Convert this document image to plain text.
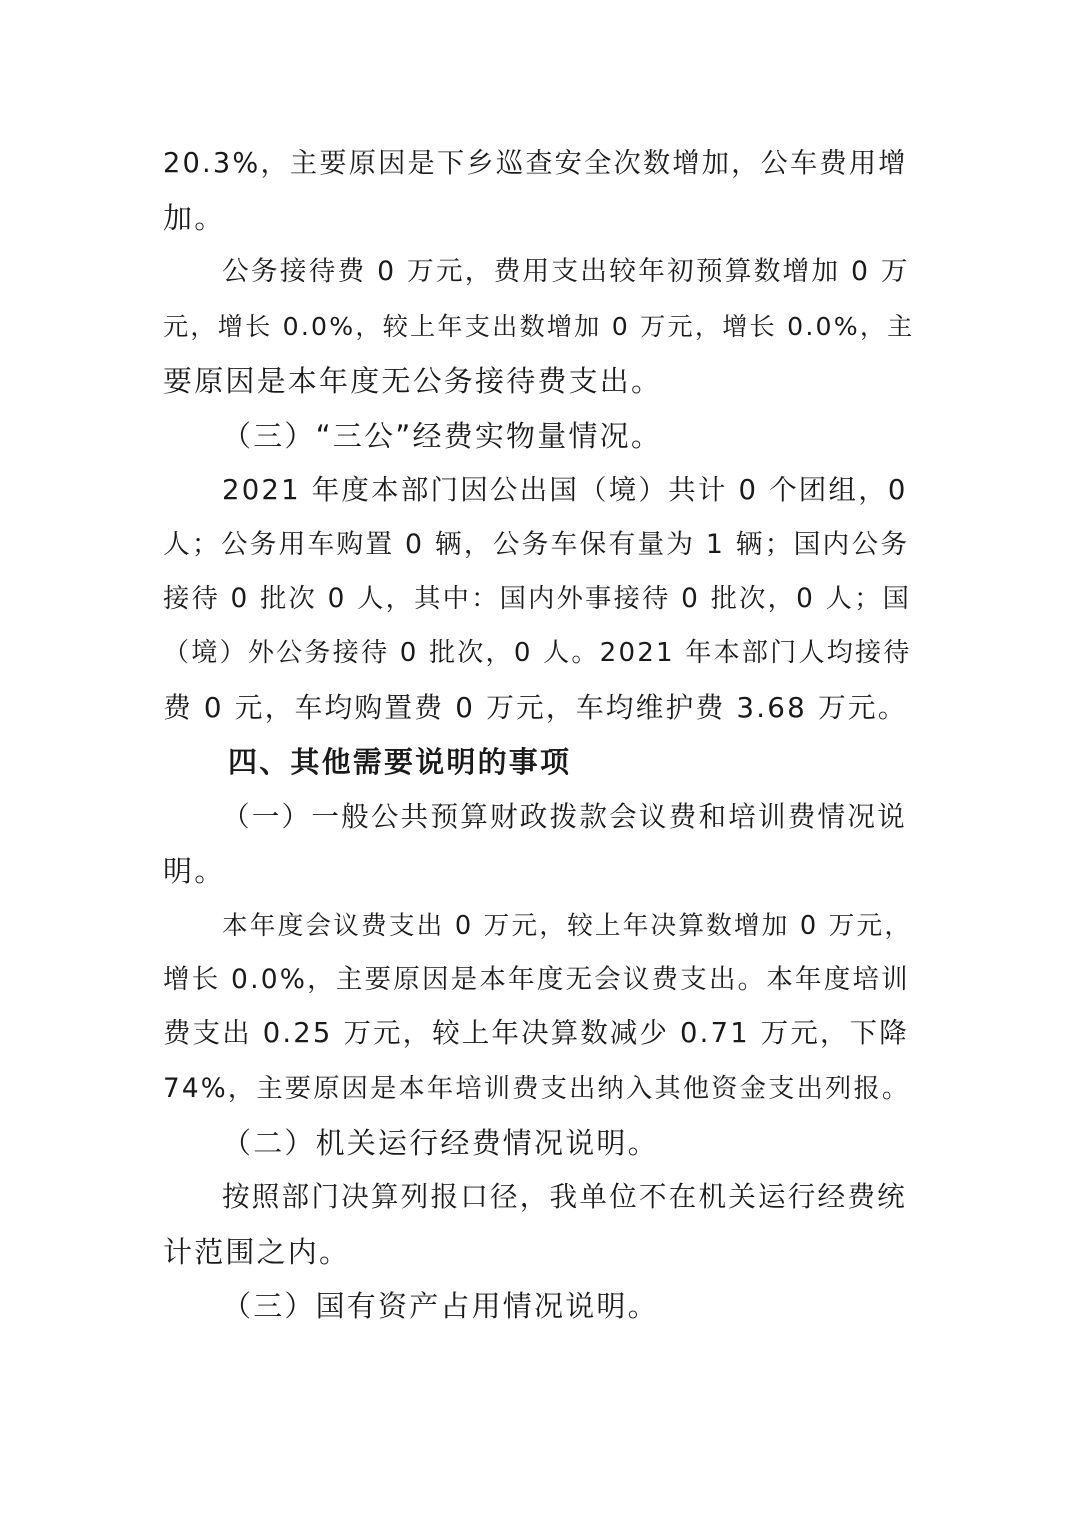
20.3%，主要原因是下乡巡查安全次数增加，公车费用增
加。
公务接待费 0 万元，费用支出较年初预算数增加 0 万
元，增长 0.0%，较上年支出数增加 0 万元，增长 0.0%，主
要原因是本年度无公务接待费支出。
（三）“三公”经费实物量情况。
2021 年度本部门因公出国（境）共计 0 个团组，0
人；公务用车购置 0 辆，公务车保有量为 1 辆；国内公务
接待 0 批次 0 人，其中：国内外事接待 0 批次，0 人；国
（境）外公务接待 0 批次，0 人。2021 年本部门人均接待
费 0 元，车均购置费 0 万元，车均维护费 3.68 万元。
四、其他需要说明的事项
（一）一般公共预算财政拨款会议费和培训费情况说
明。
本年度会议费支出 0 万元，较上年决算数增加 0 万元，
增长 0.0%，主要原因是本年度无会议费支出。本年度培训
费支出 0.25 万元，较上年决算数减少 0.71 万元，下降
74%，主要原因是本年培训费支出纳入其他资金支出列报。
（二）机关运行经费情况说明。
按照部门决算列报口径，我单位不在机关运行经费统
计范围之内。
（三）国有资产占用情况说明。
